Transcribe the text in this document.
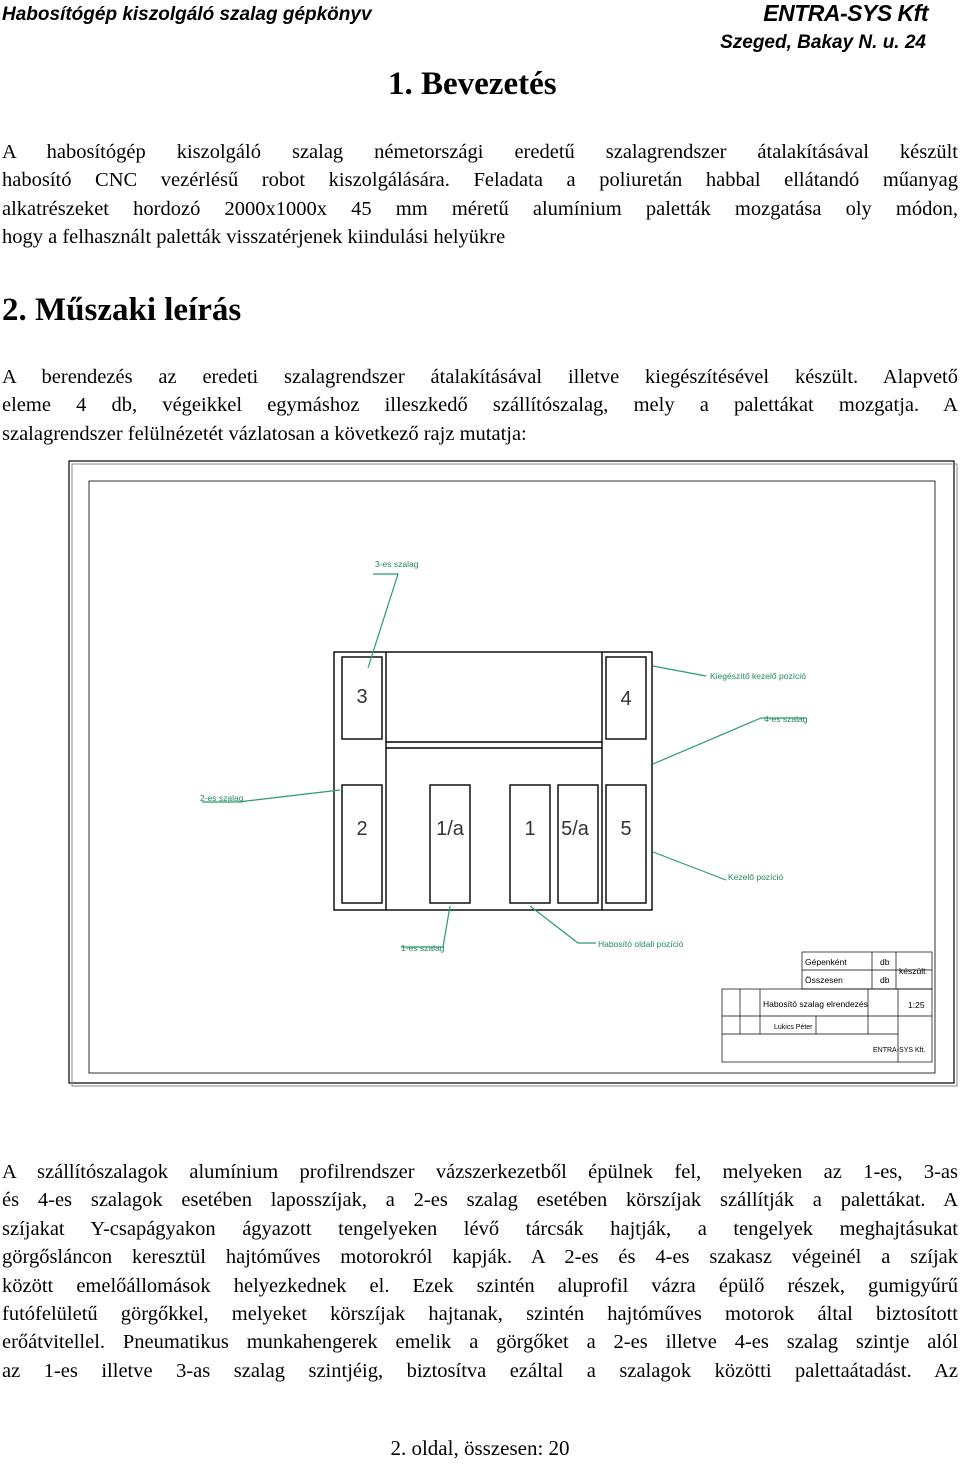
Habosítógép kiszolgáló szalag gépkönyv	ENTRA-SYS Kft
Szeged, Bakay N. u. 24
1. Bevezetés
A habosítógép kiszolgáló szalag németországi eredetű szalagrendszer átalakításával készült
habosító CNC vezérlésű robot kiszolgálására. Feladata a poliuretán habbal ellátandó műanyag
alkatrészeket hordozó 2000x1000x 45 mm méretű alumínium paletták mozgatása oly módon,
hogy a felhasznált paletták visszatérjenek kiindulási helyükre
2. Műszaki leírás
A berendezés az eredeti szalagrendszer átalakításával illetve kiegészítésével készült. Alapvető
eleme 4 db, végeikkel egymáshoz illeszkedő szállítószalag, mely a palettákat mozgatja. A
szalagrendszer felülnézetét vázlatosan a következő rajz mutatja:
3	4
2	1/a	1 5/a 5
3-es szalag
Kiegészítő kezelő pozíció
4-es szalag
2-es szalag
Kezelő pozíció
1-es szalag	Habosító oldali pozíció
Gépenként	db
készült
Összesen	db
Habosító szalag elrendezés	1:25
Lukics Péter
ENTRA-SYS Kft.
A szállítószalagok alumínium profilrendszer vázszerkezetből épülnek fel, melyeken az 1-es, 3-as
és 4-es szalagok esetében laposszíjak, a 2-es szalag esetében körszíjak szállítják a palettákat. A
szíjakat Y-csapágyakon ágyazott tengelyeken lévő tárcsák hajtják, a tengelyek meghajtásukat
görgősláncon keresztül hajtóműves motorokról kapják. A 2-es és 4-es szakasz végeinél a szíjak
között emelőállomások helyezkednek el. Ezek szintén aluprofil vázra épülő részek, gumigyűrű
futófelületű görgőkkel, melyeket körszíjak hajtanak, szintén hajtóműves motorok által biztosított
erőátvitellel. Pneumatikus munkahengerek emelik a görgőket a 2-es illetve 4-es szalag szintje alól
az 1-es illetve 3-as szalag szintjéig, biztosítva ezáltal a szalagok közötti palettaátadást. Az
2. oldal, összesen: 20
